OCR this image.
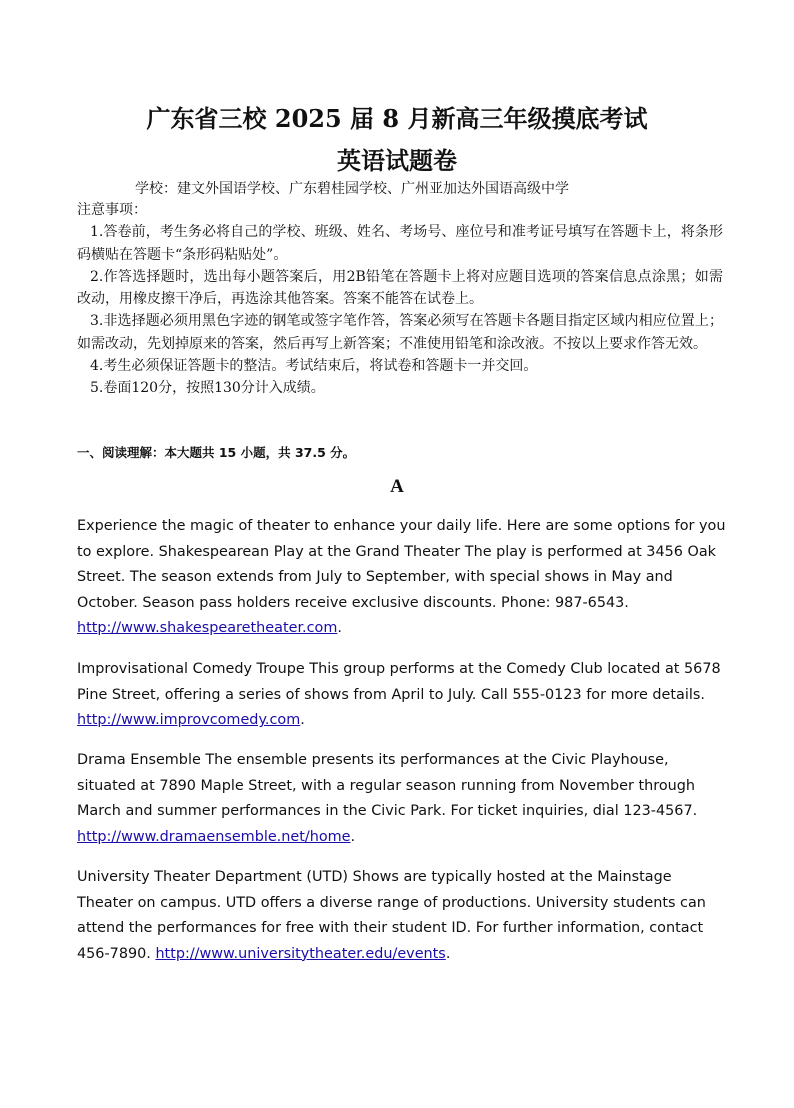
广东省三校 2025 届 8 月新高三年级摸底考试
英语试题卷

学校：建文外国语学校、广东碧桂园学校、广州亚加达外国语高级中学

注意事项：

1.答卷前，考生务必将自己的学校、班级、姓名、考场号、座位号和准考证号填写在答题卡上，将条形码横贴在答题卡“条形码粘贴处”。

2.作答选择题时，选出每小题答案后，用2B铅笔在答题卡上将对应题目选项的答案信息点涂黑；如需改动，用橡皮擦干净后，再选涂其他答案。答案不能答在试卷上。

3.非选择题必须用黑色字迹的钢笔或签字笔作答，答案必须写在答题卡各题目指定区域内相应位置上；如需改动，先划掉原来的答案，然后再写上新答案；不准使用铅笔和涂改液。不按以上要求作答无效。

4.考生必须保证答题卡的整洁。考试结束后，将试卷和答题卡一并交回。

5.卷面120分，按照130分计入成绩。

一、阅读理解：本大题共 15 小题，共 37.5 分。

A

Experience the magic of theater to enhance your daily life. Here are some options for you to explore. Shakespearean Play at the Grand Theater The play is performed at 3456 Oak Street. The season extends from July to September, with special shows in May and October. Season pass holders receive exclusive discounts. Phone: 987-6543. http://www.shakespearetheater.com.

Improvisational Comedy Troupe This group performs at the Comedy Club located at 5678 Pine Street, offering a series of shows from April to July. Call 555-0123 for more details. http://www.improvcomedy.com.

Drama Ensemble The ensemble presents its performances at the Civic Playhouse, situated at 7890 Maple Street, with a regular season running from November through March and summer performances in the Civic Park. For ticket inquiries, dial 123-4567. http://www.dramaensemble.net/home.

University Theater Department (UTD) Shows are typically hosted at the Mainstage Theater on campus. UTD offers a diverse range of productions. University students can attend the performances for free with their student ID. For further information, contact 456-7890. http://www.universitytheater.edu/events.
